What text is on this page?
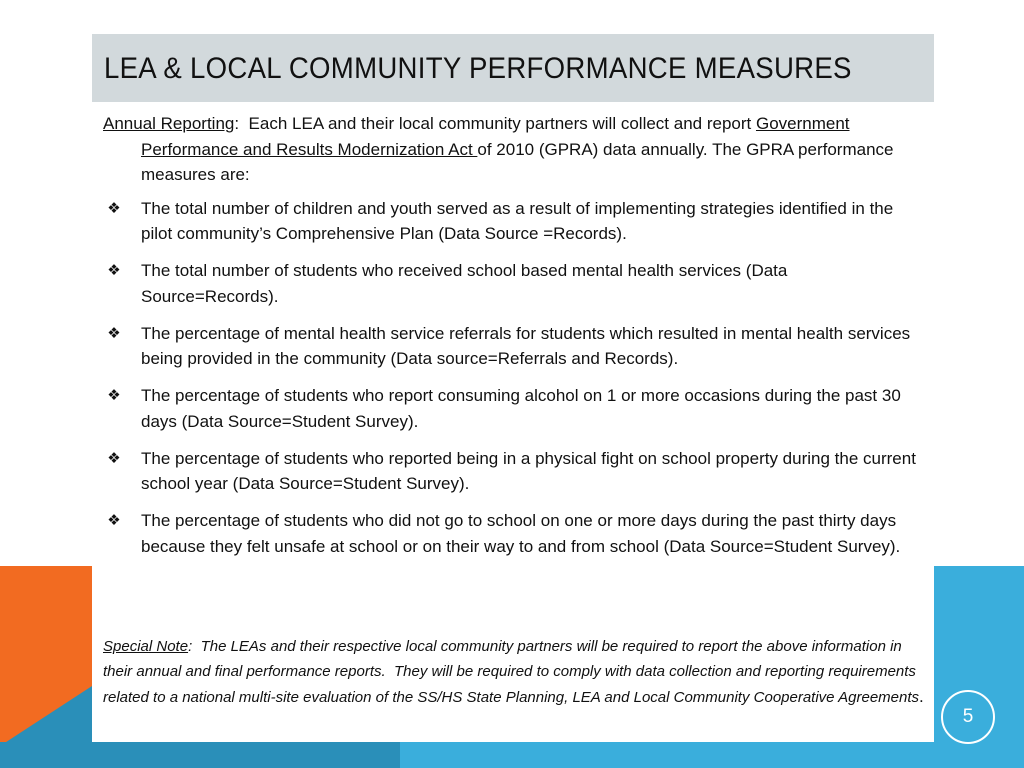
LEA & LOCAL COMMUNITY PERFORMANCE MEASURES

Annual Reporting:  Each LEA and their local community partners will collect and report Government Performance and Results Modernization Act of 2010 (GPRA) data annually. The GPRA performance measures are:

❖ The total number of children and youth served as a result of implementing strategies identified in the pilot community’s Comprehensive Plan (Data Source =Records).
❖ The total number of students who received school based mental health services (Data Source=Records).
❖ The percentage of mental health service referrals for students which resulted in mental health services being provided in the community (Data source=Referrals and Records).
❖ The percentage of students who report consuming alcohol on 1 or more occasions during the past 30 days (Data Source=Student Survey).
❖ The percentage of students who reported being in a physical fight on school property during the current school year (Data Source=Student Survey).
❖ The percentage of students who did not go to school on one or more days during the past thirty days because they felt unsafe at school or on their way to and from school (Data Source=Student Survey).

Special Note:  The LEAs and their respective local community partners will be required to report the above information in their annual and final performance reports.  They will be required to comply with data collection and reporting requirements related to a national multi-site evaluation of the SS/HS State Planning, LEA and Local Community Cooperative Agreements.

5
